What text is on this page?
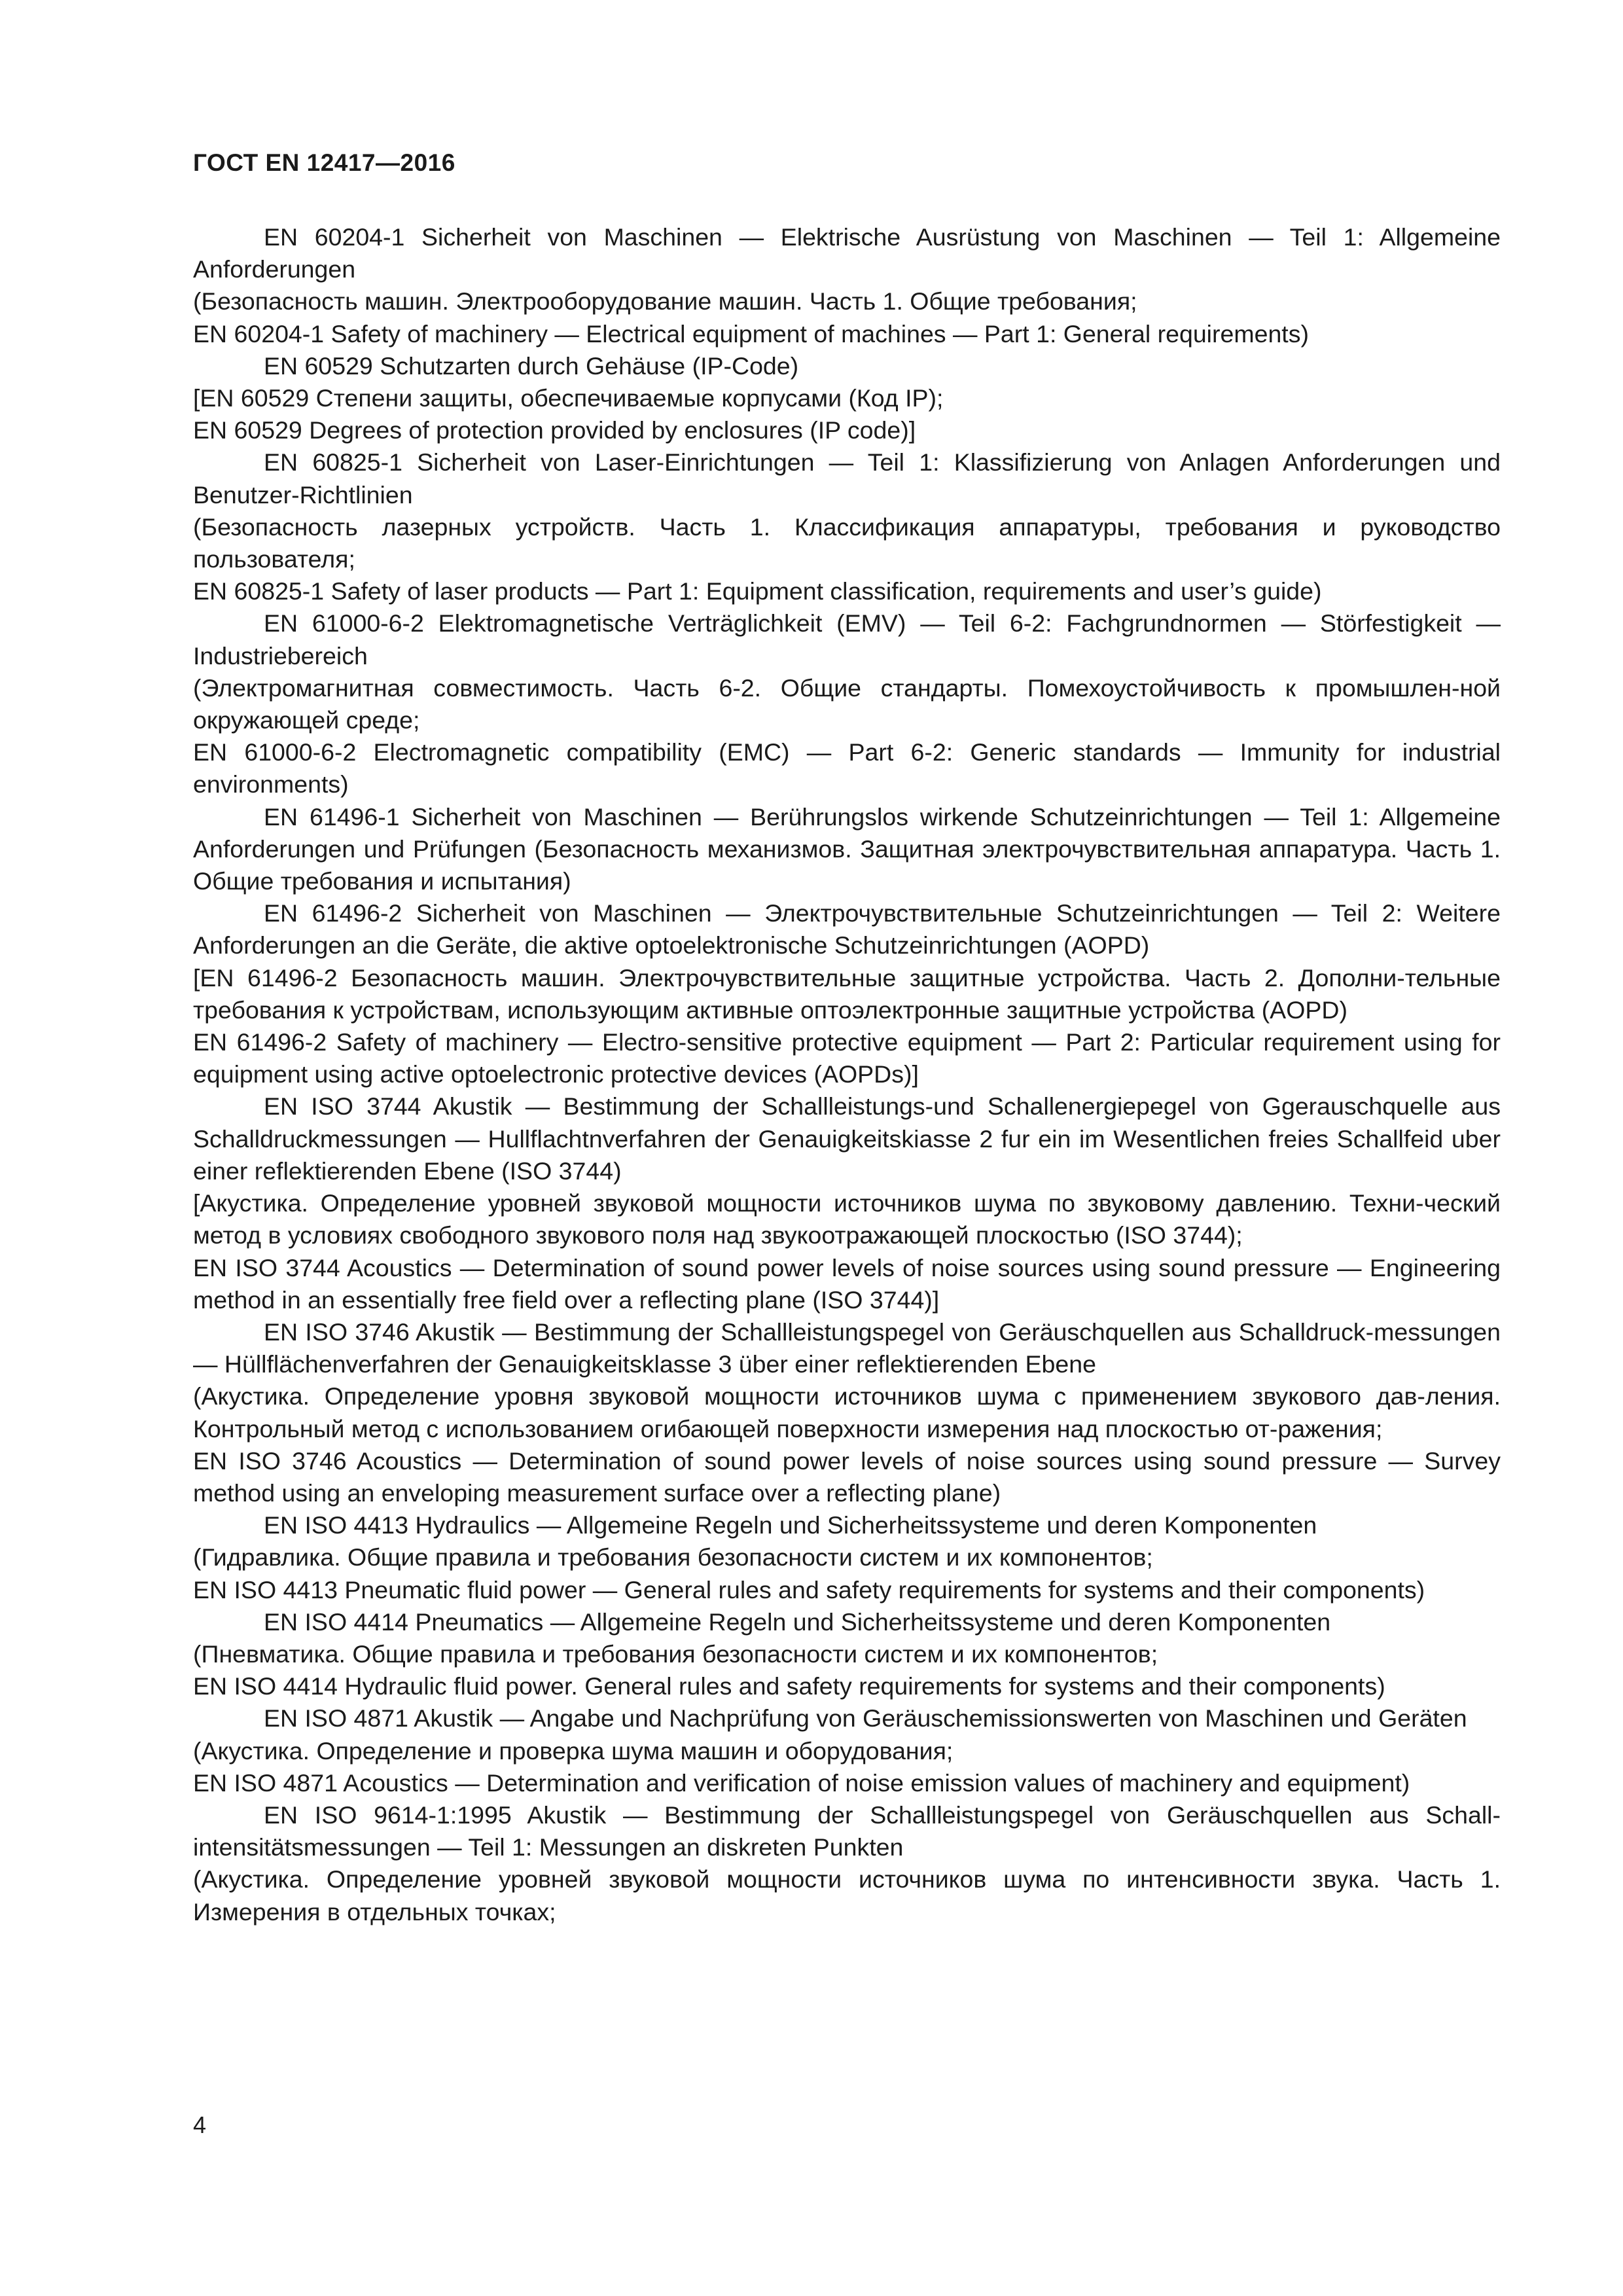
ГОСТ EN 12417—2016

EN 60204-1 Sicherheit von Maschinen — Elektrische Ausrüstung von Maschinen — Teil 1: Allgemeine Anforderungen

(Безопасность машин. Электрооборудование машин. Часть 1. Общие требования;

EN 60204-1 Safety of machinery — Electrical equipment of machines — Part 1: General requirements)

EN 60529 Schutzarten durch Gehäuse (IP-Code)

[EN 60529 Степени защиты, обеспечиваемые корпусами (Код IP);

EN 60529 Degrees of protection provided by enclosures (IP code)]

EN 60825-1 Sicherheit von Laser-Einrichtungen — Teil 1: Klassifizierung von Anlagen Anforderungen und Benutzer-Richtlinien

(Безопасность лазерных устройств. Часть 1. Классификация аппаратуры, требования и руководство пользователя;

EN 60825-1 Safety of laser products — Part 1: Equipment classification, requirements and user’s guide)

EN 61000-6-2 Elektromagnetische Verträglichkeit (EMV) — Teil 6-2: Fachgrundnormen — Störfestigkeit — Industriebereich

(Электромагнитная совместимость. Часть 6-2. Общие стандарты. Помехоустойчивость к промышлен-ной окружающей среде;

EN 61000-6-2 Electromagnetic compatibility (EMC) — Part 6-2: Generic standards — Immunity for industrial environments)

EN 61496-1 Sicherheit von Maschinen — Berührungslos wirkende Schutzeinrichtungen — Teil 1: Allgemeine Anforderungen und Prüfungen (Безопасность механизмов. Защитная электрочувствительная аппаратура. Часть 1. Общие требования и испытания)

EN 61496-2 Sicherheit von Maschinen — Электрочувствительные Schutzeinrichtungen — Teil 2: Weitere Anforderungen an die Geräte, die aktive optoelektronische Schutzeinrichtungen (AOPD)

[EN 61496-2 Безопасность машин. Электрочувствительные защитные устройства. Часть 2. Дополни-тельные требования к устройствам, использующим активные оптоэлектронные защитные устройства (AOPD)

EN 61496-2 Safety of machinery — Electro-sensitive protective equipment — Part 2: Particular requirement using for equipment using active optoelectronic protective devices (AOPDs)]

EN ISO 3744 Akustik — Bestimmung der Schallleistungs-und Schallenergiepegel von Ggerauschquelle aus Schalldruckmessungen — Hullflachtnverfahren der Genauigkeitskiasse 2 fur ein im Wesentlichen freies Schallfeid uber einer reflektierenden Ebene (ISO 3744)

[Акустика. Определение уровней звуковой мощности источников шума по звуковому давлению. Техни-ческий метод в условиях свободного звукового поля над звукоотражающей плоскостью (ISO 3744);

EN ISO 3744 Acoustics — Determination of sound power levels of noise sources using sound pressure — Engineering method in an essentially free field over a reflecting plane (ISO 3744)]

EN ISO 3746 Akustik — Bestimmung der Schallleistungspegel von Geräuschquellen aus Schalldruck-messungen — Hüllflächenverfahren der Genauigkeitsklasse 3 über einer reflektierenden Ebene

(Акустика. Определение уровня звуковой мощности источников шума с применением звукового дав-ления. Контрольный метод с использованием огибающей поверхности измерения над плоскостью от-ражения;

EN ISO 3746 Acoustics — Determination of sound power levels of noise sources using sound pressure — Survey method using an enveloping measurement surface over a reflecting plane)

EN ISO 4413 Hydraulics — Allgemeine Regeln und Sicherheitssysteme und deren Komponenten

(Гидравлика. Общие правила и требования безопасности систем и их компонентов;

EN ISO 4413 Pneumatic fluid power — General rules and safety requirements for systems and their components)

EN ISO 4414 Pneumatics — Allgemeine Regeln und Sicherheitssysteme und deren Komponenten

(Пневматика. Общие правила и требования безопасности систем и их компонентов;

EN ISO 4414 Hydraulic fluid power. General rules and safety requirements for systems and their components)

EN ISO 4871 Akustik — Angabe und Nachprüfung von Geräuschemissionswerten von Maschinen und Geräten

(Акустика. Определение и проверка шума машин и оборудования;

EN ISO 4871 Acoustics — Determination and verification of noise emission values of machinery and equipment)

EN ISO 9614-1:1995 Akustik — Bestimmung der Schallleistungspegel von Geräuschquellen aus Schall-intensitätsmessungen — Teil 1: Messungen an diskreten Punkten

(Акустика. Определение уровней звуковой мощности источников шума по интенсивности звука. Часть 1. Измерения в отдельных точках;

4
